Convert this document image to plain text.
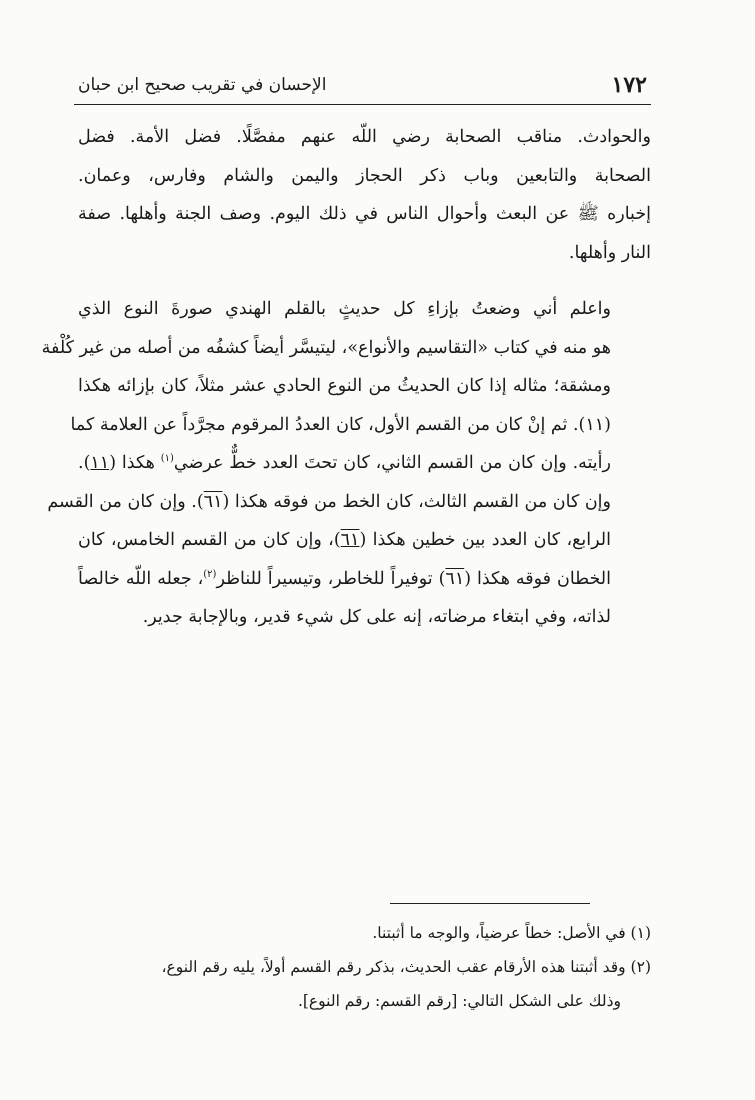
١٧٢
الإحسان في تقريب صحيح ابن حبان

والحوادث. مناقب الصحابة رضي اللّه عنهم مفصَّلًا. فضل الأمة. فضل
الصحابة والتابعين وباب ذكر الحجاز واليمن والشام وفارس، وعمان.
إخباره ﷺ عن البعث وأحوال الناس في ذلك اليوم. وصف الجنة وأهلها. صفة
النار وأهلها.

واعلم أني وضعتُ بإزاءِ كل حديثٍ بالقلم الهندي صورةَ النوع الذي
هو منه في كتاب «التقاسيم والأنواع»، ليتيسَّر أيضاً كشفُه من أصله من غير كُلْفة
ومشقة؛ مثاله إذا كان الحديثُ من النوع الحادي عشر مثلاً، كان بإزائه هكذا
(١١). ثم إنْ كان من القسم الأول، كان العددُ المرقوم مجرَّداً عن العلامة كما
رأيته. وإن كان من القسم الثاني، كان تحتَ العدد خطٌّ عرضي$^{(١)}$ هكذا (١١).
وإن كان من القسم الثالث، كان الخط من فوقه هكذا (٦١). وإن كان من القسم
الرابع، كان العدد بين خطين هكذا (٦١)، وإن كان من القسم الخامس، كان
الخطان فوقه هكذا (٦١) توفيراً للخاطر، وتيسيراً للناظر$^{(٢)}$، جعله اللّه خالصاً
لذاته، وفي ابتغاء مرضاته، إنه على كل شيء قدير، وبالإجابة جدير.

(١) في الأصل: خطاً عرضياً، والوجه ما أثبتنا.
(٢) وقد أثبتنا هذه الأرقام عقب الحديث، بذكر رقم القسم أولاً، يليه رقم النوع،
وذلك على الشكل التالي: [رقم القسم: رقم النوع].
